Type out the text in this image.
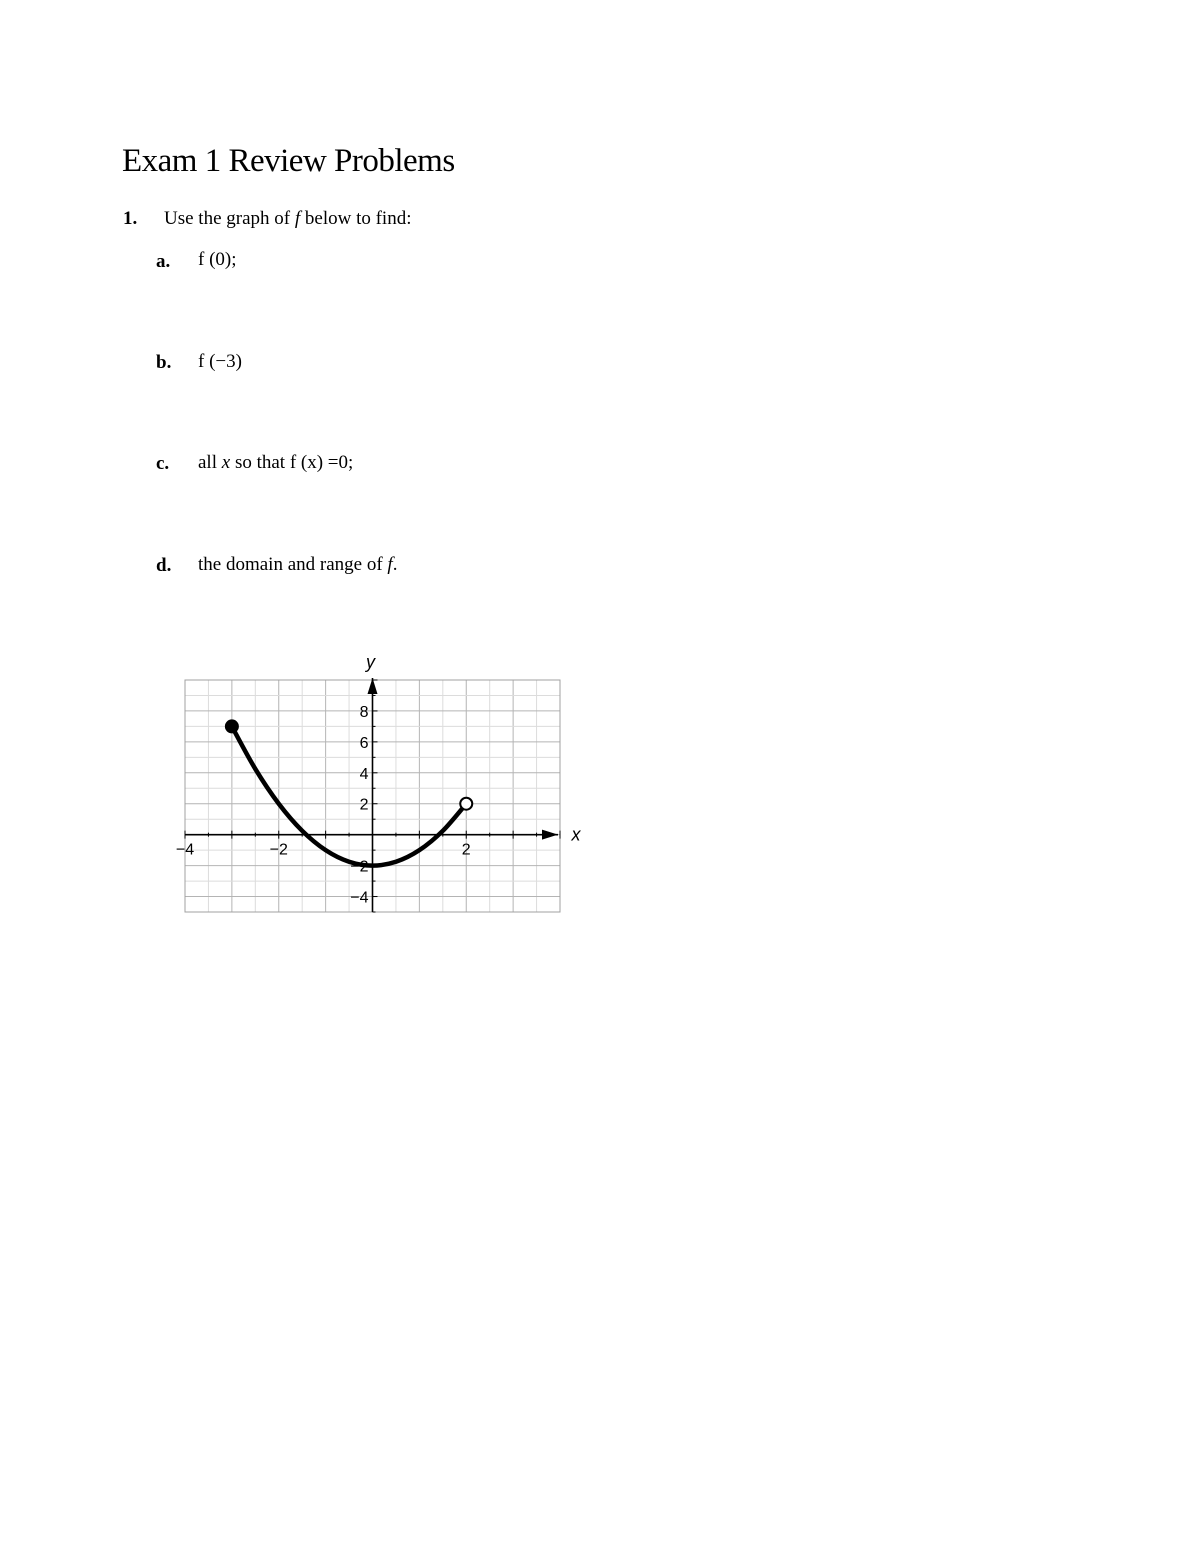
Exam 1 Review Problems
1. Use the graph of f below to find:
a. f (0);
b. f (−3)
c. all x so that f (x) =0;
d. the domain and range of f.
−4	−2	2
8
6
4
2
−2
−4
x
y
